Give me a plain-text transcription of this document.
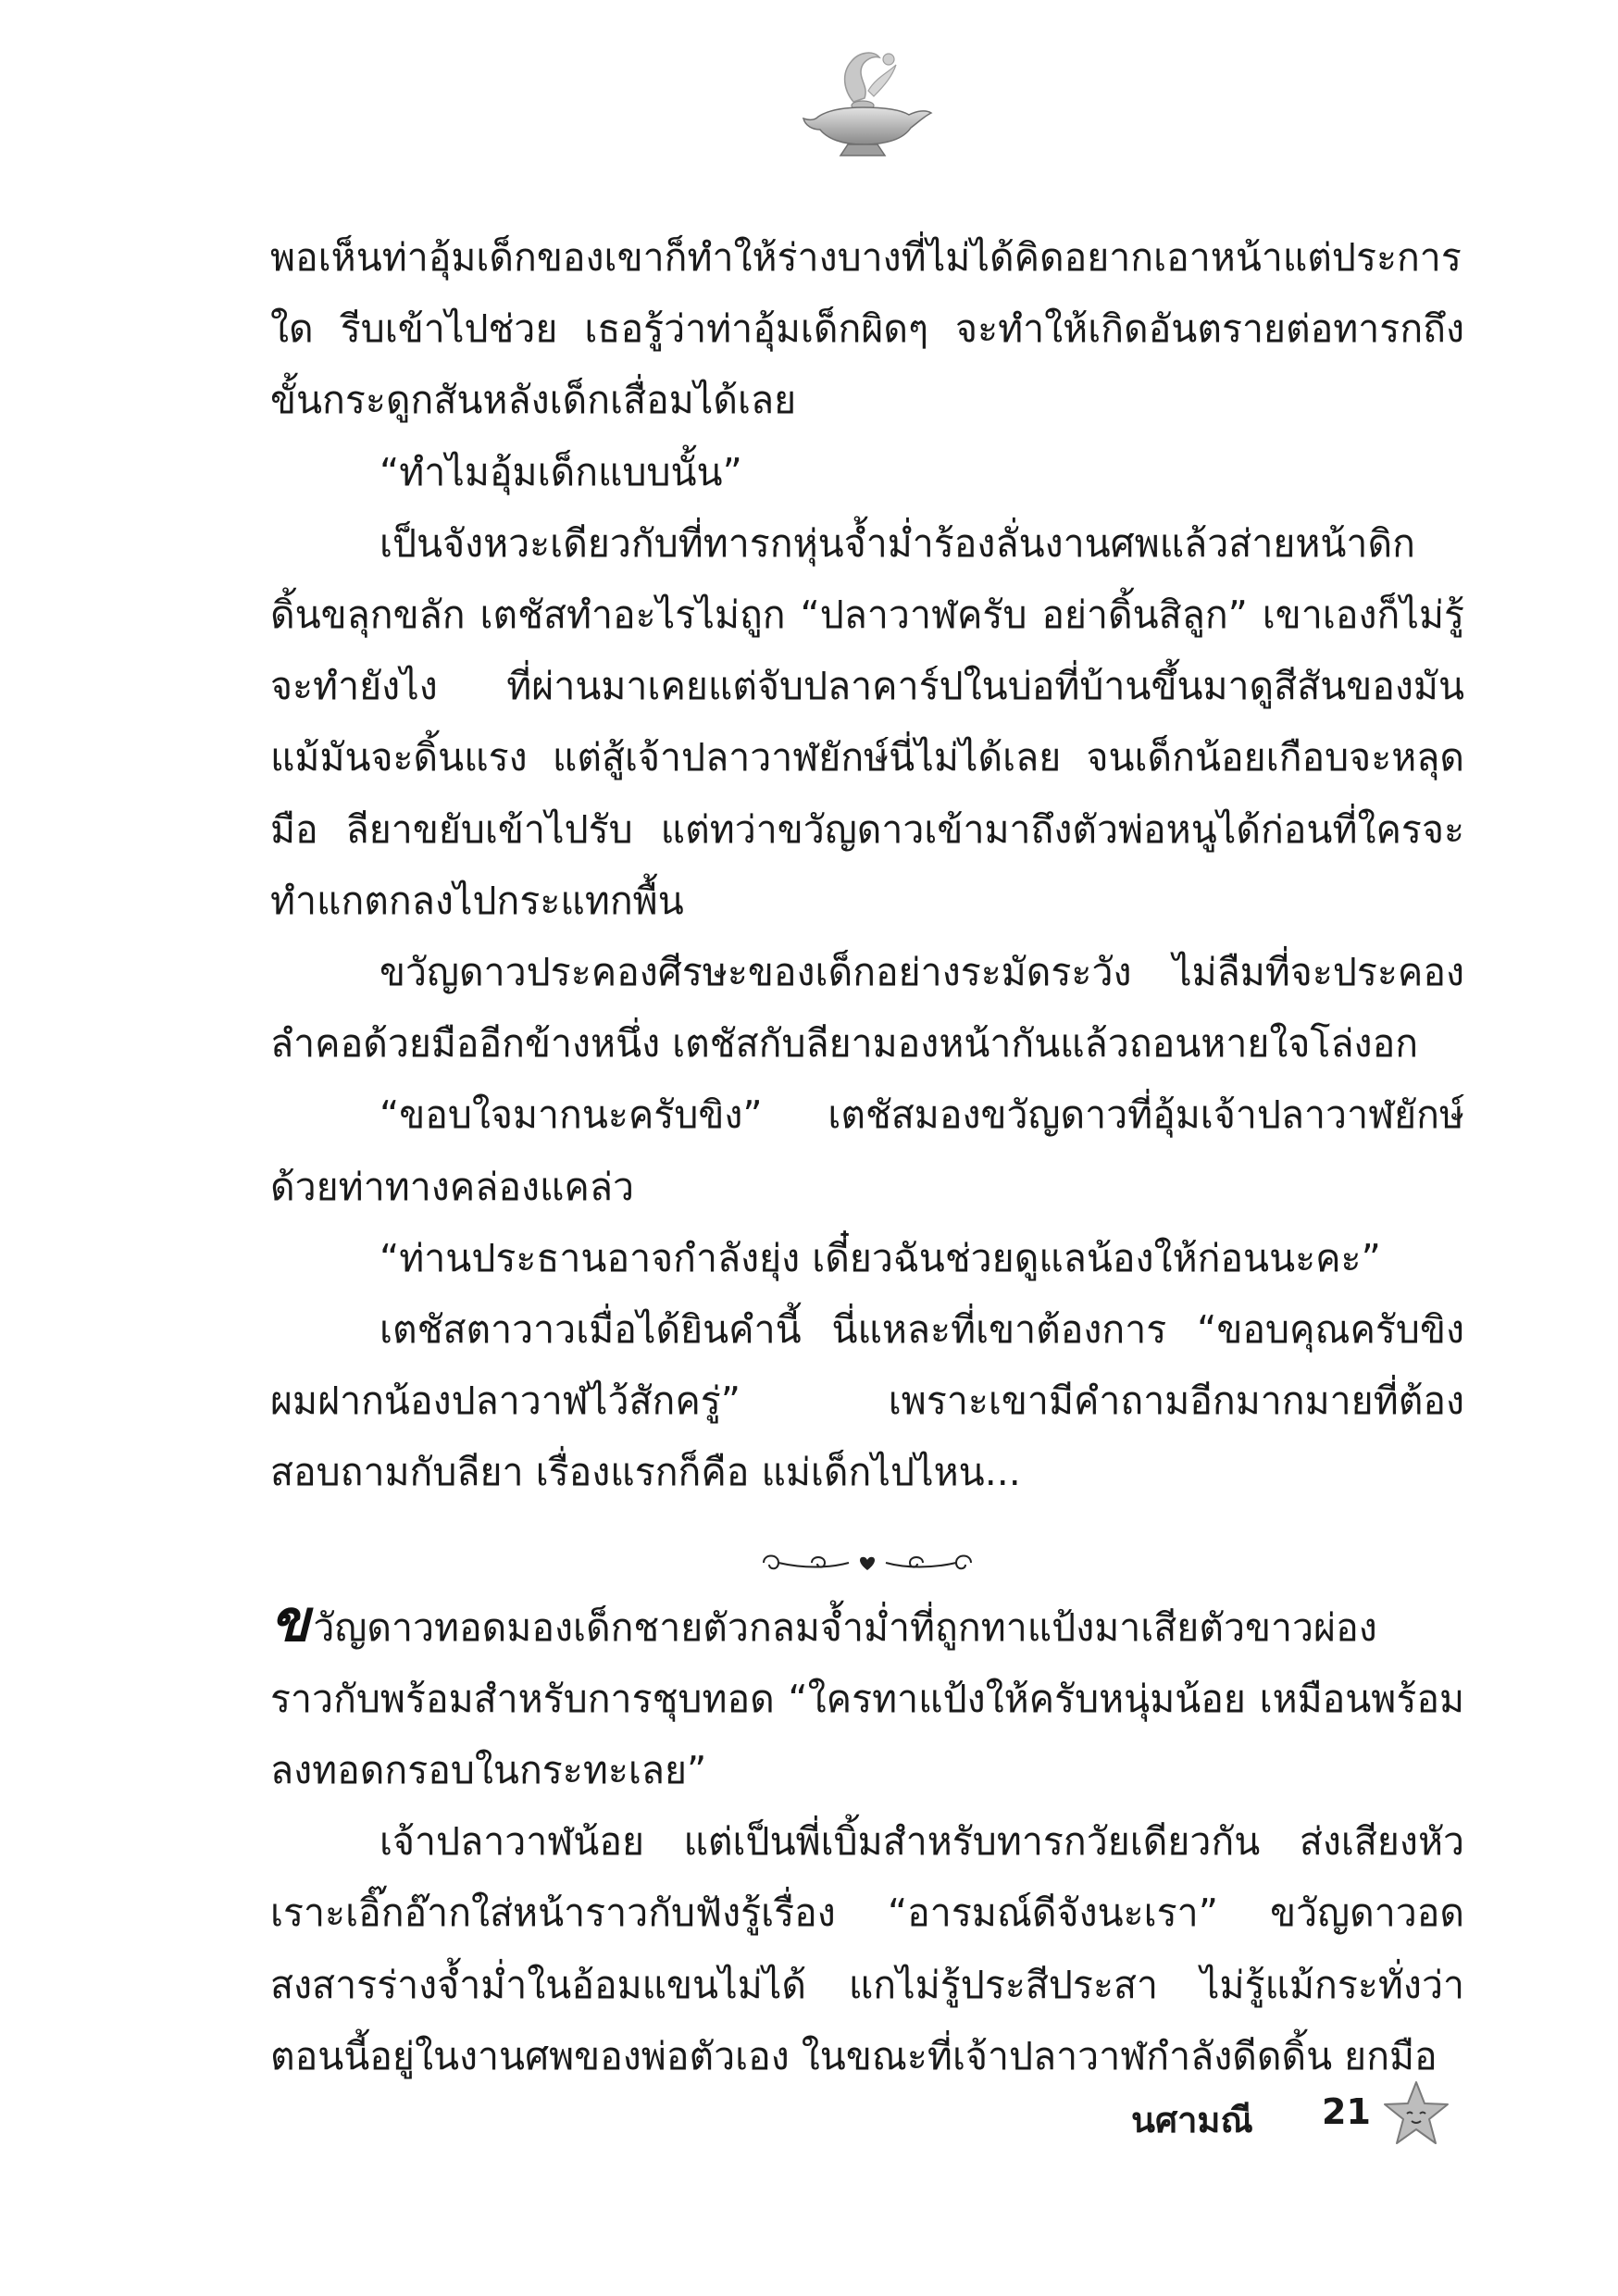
พอเห็นท่าอุ้มเด็กของเขาก็ทำให้ร่างบางที่ไม่ได้คิดอยากเอาหน้าแต่ประการใด รีบเข้าไปช่วย เธอรู้ว่าท่าอุ้มเด็กผิดๆ จะทำให้เกิดอันตรายต่อทารกถึงขั้นกระดูกสันหลังเด็กเสื่อมได้เลย

“ทำไมอุ้มเด็กแบบนั้น”

เป็นจังหวะเดียวกับที่ทารกหุ่นจ้ำม่ำร้องลั่นงานศพแล้วส่ายหน้าดิกดิ้นขลุกขลัก เตชัสทำอะไรไม่ถูก “ปลาวาฬครับ อย่าดิ้นสิลูก” เขาเองก็ไม่รู้จะทำยังไง ที่ผ่านมาเคยแต่จับปลาคาร์ปในบ่อที่บ้านขึ้นมาดูสีสันของมัน แม้มันจะดิ้นแรง แต่สู้เจ้าปลาวาฬยักษ์นี่ไม่ได้เลย จนเด็กน้อยเกือบจะหลุดมือ ลียาขยับเข้าไปรับ แต่ทว่าขวัญดาวเข้ามาถึงตัวพ่อหนูได้ก่อนที่ใครจะทำแกตกลงไปกระแทกพื้น

ขวัญดาวประคองศีรษะของเด็กอย่างระมัดระวัง ไม่ลืมที่จะประคองลำคอด้วยมืออีกข้างหนึ่ง เตชัสกับลียามองหน้ากันแล้วถอนหายใจโล่งอก

“ขอบใจมากนะครับขิง” เตชัสมองขวัญดาวที่อุ้มเจ้าปลาวาฬยักษ์ด้วยท่าทางคล่องแคล่ว

“ท่านประธานอาจกำลังยุ่ง เดี๋ยวฉันช่วยดูแลน้องให้ก่อนนะคะ”

เตชัสตาวาวเมื่อได้ยินคำนี้ นี่แหละที่เขาต้องการ “ขอบคุณครับขิง ผมฝากน้องปลาวาฬไว้สักครู่” เพราะเขามีคำถามอีกมากมายที่ต้องสอบถามกับลียา เรื่องแรกก็คือ แม่เด็กไปไหน...

ขวัญดาวทอดมองเด็กชายตัวกลมจ้ำม่ำที่ถูกทาแป้งมาเสียตัวขาวผ่องราวกับพร้อมสำหรับการชุบทอด “ใครทาแป้งให้ครับหนุ่มน้อย เหมือนพร้อมลงทอดกรอบในกระทะเลย”

เจ้าปลาวาฬน้อย แต่เป็นพี่เบิ้มสำหรับทารกวัยเดียวกัน ส่งเสียงหัวเราะเอิ๊กอ๊ากใส่หน้าราวกับฟังรู้เรื่อง “อารมณ์ดีจังนะเรา” ขวัญดาวอดสงสารร่างจ้ำม่ำในอ้อมแขนไม่ได้ แกไม่รู้ประสีประสา ไม่รู้แม้กระทั่งว่าตอนนี้อยู่ในงานศพของพ่อตัวเอง ในขณะที่เจ้าปลาวาฬกำลังดีดดิ้น ยกมือ

นศามณี 21
